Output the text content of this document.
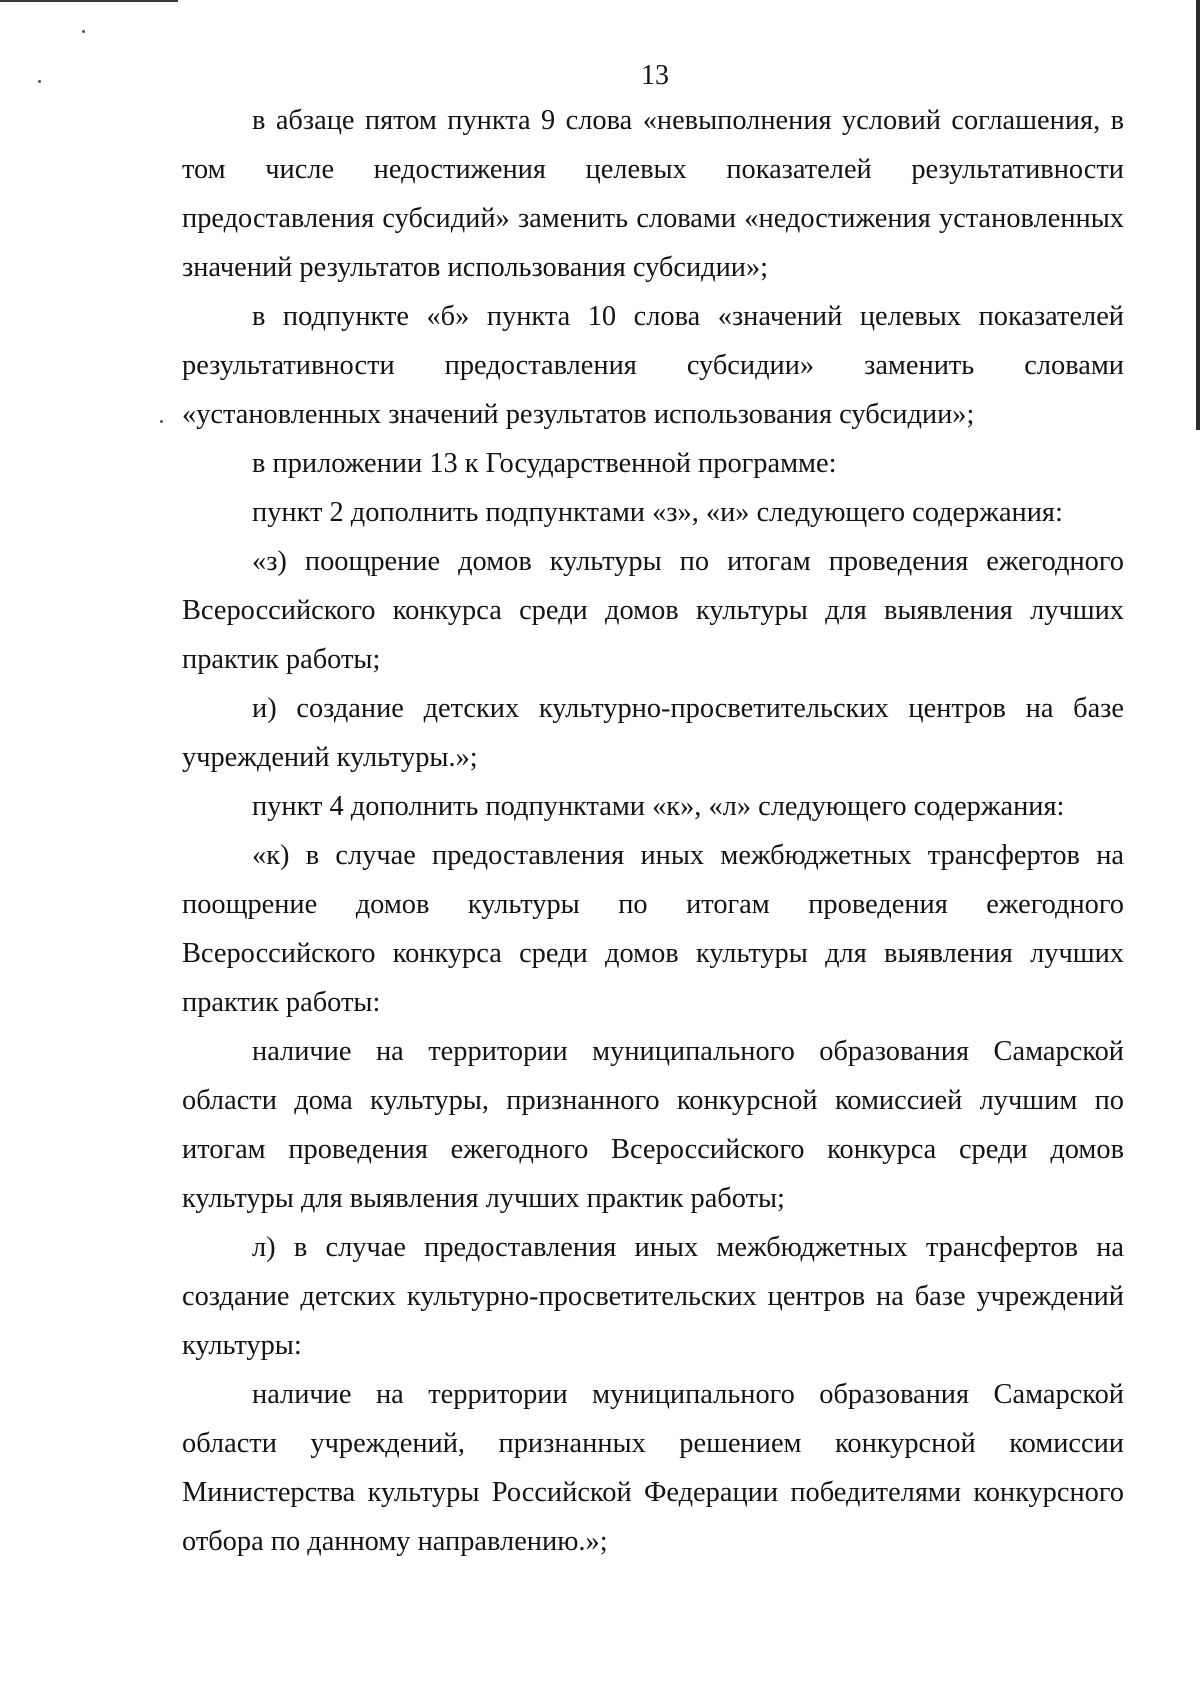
13

в абзаце пятом пункта 9 слова «невыполнения условий соглашения, в том числе недостижения целевых показателей результативности предоставления субсидий» заменить словами «недостижения установленных значений результатов использования субсидии»;

в подпункте «б» пункта 10 слова «значений целевых показателей результативности предоставления субсидии» заменить словами «установленных значений результатов использования субсидии»;

в приложении 13 к Государственной программе:

пункт 2 дополнить подпунктами «з», «и» следующего содержания:

«з) поощрение домов культуры по итогам проведения ежегодного Всероссийского конкурса среди домов культуры для выявления лучших практик работы;

и) создание детских культурно-просветительских центров на базе учреждений культуры.»;

пункт 4 дополнить подпунктами «к», «л» следующего содержания:

«к) в случае предоставления иных межбюджетных трансфертов на поощрение домов культуры по итогам проведения ежегодного Всероссийского конкурса среди домов культуры для выявления лучших практик работы:

наличие на территории муниципального образования Самарской области дома культуры, признанного конкурсной комиссией лучшим по итогам проведения ежегодного Всероссийского конкурса среди домов культуры для выявления лучших практик работы;

л) в случае предоставления иных межбюджетных трансфертов на создание детских культурно-просветительских центров на базе учреждений культуры:

наличие на территории муниципального образования Самарской области учреждений, признанных решением конкурсной комиссии Министерства культуры Российской Федерации победителями конкурсного отбора по данному направлению.»;
